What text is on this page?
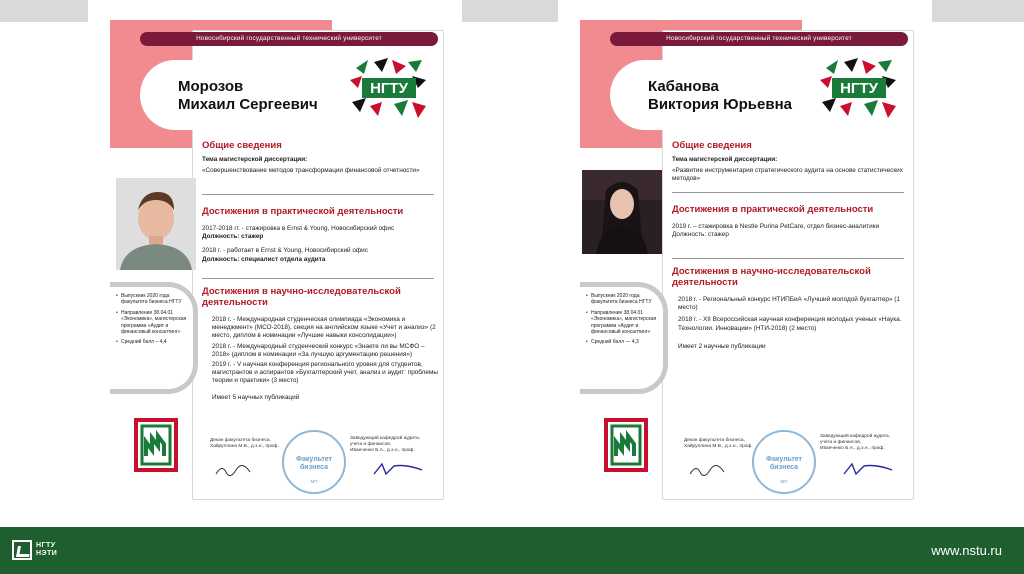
Новосибирский государственный технический университет
Морозов
Михаил Сергеевич
НГТУ
Общие сведения
Тема магистерской диссертации:
«Совершенствование методов трансформации финансовой отчетности»
Достижения в практической деятельности
2017-2018 гг. - стажировка в Ernst & Young, Новосибирский офис
Должность: стажер
2018 г. - работает в Ernst & Young, Новосибирский офис
Должность: специалист отдела аудита
Достижения в научно-исследовательской деятельности
2018 г. - Международная студенческая олимпиада «Экономика и менеджмент» (МСО-2018), секция на английском языке «Учет и анализ» (2 место, диплом в номинации «Лучшие навыки консолидации»)
2018 г. - Международный студенческий конкурс «Знаете ли вы МСФО – 2018» (диплом в номинации «За лучшую аргументацию решения»)
2019 г. - V научная конференция регионального уровня для студентов, магистрантов и аспирантов «Бухгалтерский учет, анализ и аудит: проблемы теории и практики» (3 место)
Имеет 5 научных публикаций
• Выпускник 2020 года факультета бизнеса НГТУ
• Направление 38.04.01 «Экономика», магистерская программа «Аудит и финансовый консалтинг»
• Средний балл – 4,4
Декан факультета бизнеса,
Хайруллина М.В., д.э.н., проф.
Заведующий кафедрой аудита,
учета и финансов,
Иванченко Б.А., д.э.н., проф.
Факультет
бизнеса
МП
Новосибирский государственный технический университет
Кабанова
Виктория Юрьевна
НГТУ
Общие сведения
Тема магистерской диссертации:
«Развитие инструментария стратегического аудита на основе статистических методов»
Достижения в практической деятельности
2019 г. – стажировка в Nestle Purina PetCare, отдел бизнес-аналитики
Должность: стажер
Достижения в научно-исследовательской деятельности
2018 г. - Региональный конкурс НТИПБиА «Лучший молодой бухгалтер» (1 место)
2018 г. - XII Всероссийская научная конференция молодых ученых «Наука. Технологии. Инновации» (НТИ-2018) (2 место)
Имеет 2 научные публикации
• Выпускник 2020 года факультета бизнеса НГТУ
• Направление 38.04.01 «Экономика», магистерская программа «Аудит и финансовый консалтинг»
• Средний балл — 4,3
Декан факультета бизнеса,
Хайруллина М.В., д.э.н., проф.
Заведующий кафедрой аудита,
учета и финансов,
Иванченко Б.А., д.э.н., проф.
Факультет
бизнеса
МП
НГТУ
НЭТИ	www.nstu.ru
